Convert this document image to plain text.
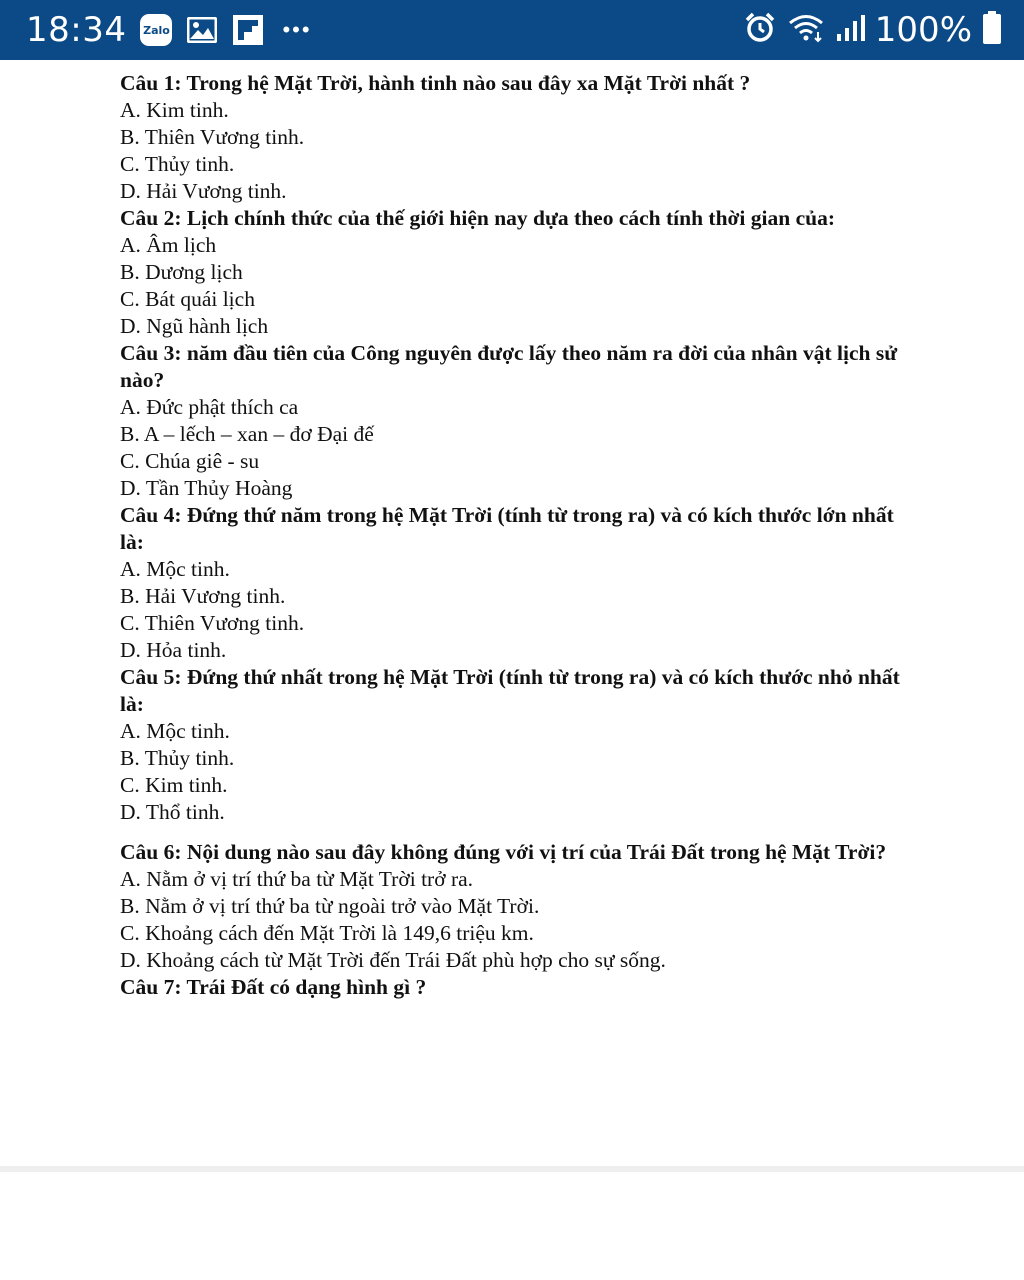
18:34 Zalo	•••	100%
Câu 1: Trong hệ Mặt Trời, hành tinh nào sau đây xa Mặt Trời nhất ?
A. Kim tinh.
B. Thiên Vương tinh.
C. Thủy tinh.
D. Hải Vương tinh.
Câu 2: Lịch chính thức của thế giới hiện nay dựa theo cách tính thời gian của:
A. Âm lịch
B. Dương lịch
C. Bát quái lịch
D. Ngũ hành lịch
Câu 3: năm đầu tiên của Công nguyên được lấy theo năm ra đời của nhân vật lịch sử nào?
A. Đức phật thích ca
B. A – lếch – xan – đơ Đại đế
C. Chúa giê - su
D. Tần Thủy Hoàng
Câu 4: Đứng thứ năm trong hệ Mặt Trời (tính từ trong ra) và có kích thước lớn nhất là:
A. Mộc tinh.
B. Hải Vương tinh.
C. Thiên Vương tinh.
D. Hỏa tinh.
Câu 5: Đứng thứ nhất trong hệ Mặt Trời (tính từ trong ra) và có kích thước nhỏ nhất là:
A. Mộc tinh.
B. Thủy tinh.
C. Kim tinh.
D. Thổ tinh.
Câu 6: Nội dung nào sau đây không đúng với vị trí của Trái Đất trong hệ Mặt Trời?
A. Nằm ở vị trí thứ ba từ Mặt Trời trở ra.
B. Nằm ở vị trí thứ ba từ ngoài trở vào Mặt Trời.
C. Khoảng cách đến Mặt Trời là 149,6 triệu km.
D. Khoảng cách từ Mặt Trời đến Trái Đất phù hợp cho sự sống.
Câu 7: Trái Đất có dạng hình gì ?
